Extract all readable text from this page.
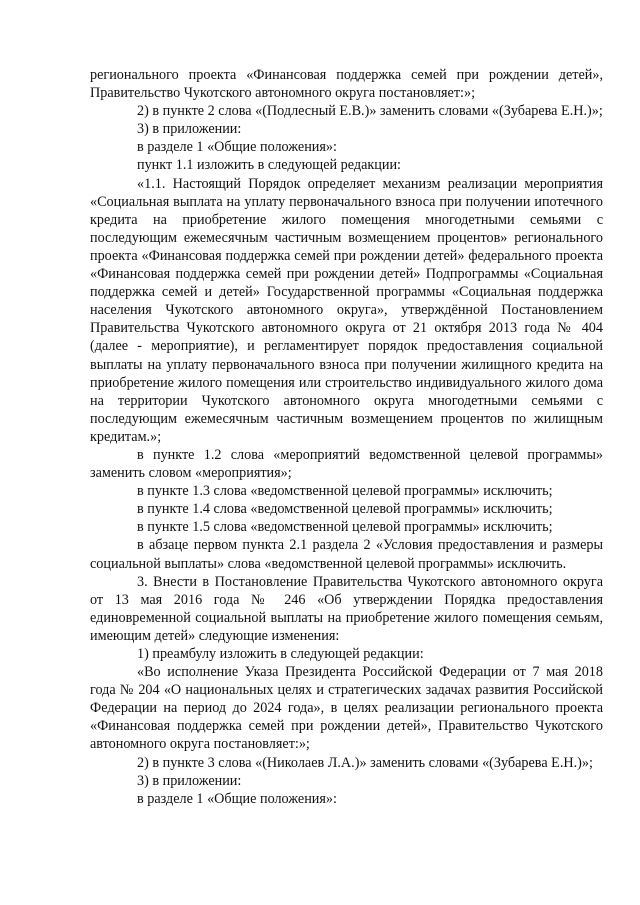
регионального проекта «Финансовая поддержка семей при рождении детей», Правительство Чукотского автономного округа постановляет:»;

2) в пункте 2 слова «(Подлесный Е.В.)» заменить словами «(Зубарева Е.Н.)»;

3) в приложении:

в разделе 1 «Общие положения»:

пункт 1.1 изложить в следующей редакции:

«1.1. Настоящий Порядок определяет механизм реализации мероприятия «Социальная выплата на уплату первоначального взноса при получении ипотечного кредита на приобретение жилого помещения многодетными семьями с последующим ежемесячным частичным возмещением процентов» регионального проекта «Финансовая поддержка семей при рождении детей» федерального проекта «Финансовая поддержка семей при рождении детей» Подпрограммы «Социальная поддержка семей и детей» Государственной программы «Социальная поддержка населения Чукотского автономного округа», утверждённой Постановлением Правительства Чукотского автономного округа от 21 октября 2013 года № 404 (далее - мероприятие), и регламентирует порядок предоставления социальной выплаты на уплату первоначального взноса при получении жилищного кредита на приобретение жилого помещения или строительство индивидуального жилого дома на территории Чукотского автономного округа многодетными семьями с последующим ежемесячным частичным возмещением процентов по жилищным кредитам.»;

в пункте 1.2 слова «мероприятий ведомственной целевой программы» заменить словом «мероприятия»;

в пункте 1.3 слова «ведомственной целевой программы» исключить;

в пункте 1.4 слова «ведомственной целевой программы» исключить;

в пункте 1.5 слова «ведомственной целевой программы» исключить;

в абзаце первом пункта 2.1 раздела 2 «Условия предоставления и размеры социальной выплаты» слова «ведомственной целевой программы» исключить.

3. Внести в Постановление Правительства Чукотского автономного округа от 13 мая 2016 года № 246 «Об утверждении Порядка предоставления единовременной социальной выплаты на приобретение жилого помещения семьям, имеющим детей» следующие изменения:

1) преамбулу изложить в следующей редакции:

«Во исполнение Указа Президента Российской Федерации от 7 мая 2018 года № 204 «О национальных целях и стратегических задачах развития Российской Федерации на период до 2024 года», в целях реализации регионального проекта «Финансовая поддержка семей при рождении детей», Правительство Чукотского автономного округа постановляет:»;

2) в пункте 3 слова «(Николаев Л.А.)» заменить словами «(Зубарева Е.Н.)»;

3) в приложении:

в разделе 1 «Общие положения»:
